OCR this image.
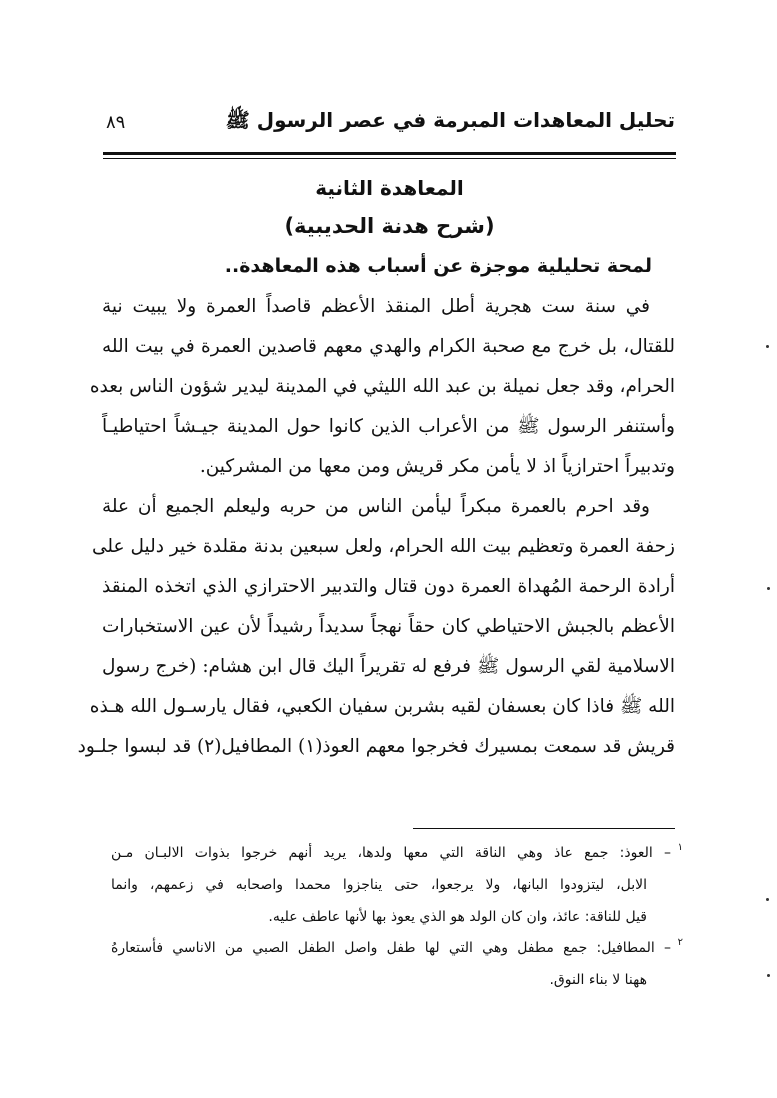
تحليل المعاهدات المبرمة في عصر الرسول ﷺ
٨٩
المعاهدة الثانية
(شرح هدنة الحديبية)
لمحة تحليلية موجزة عن أسباب هذه المعاهدة..
في سنة ست هجرية أطل المنقذ الأعظم قاصداً العمرة ولا يبيت نية
للقتال، بل خرج مع صحبة الكرام والهدي معهم قاصدين العمرة في بيت الله
الحرام، وقد جعل نميلة بن عبد الله الليثي في المدينة ليدير شؤون الناس بعده
وأستنفر الرسول ﷺ من الأعراب الذين كانوا حول المدينة جيـشاً احتياطيـاً
وتدبيراً احترازياً اذ لا يأمن مكر قريش ومن معها من المشركين.
وقد احرم بالعمرة مبكراً ليأمن الناس من حربه وليعلم الجميع أن علة
زحفة العمرة وتعظيم بيت الله الحرام، ولعل سبعين بدنة مقلدة خير دليل على
أرادة الرحمة المُهداة العمرة دون قتال والتدبير الاحترازي الذي اتخذه المنقذ
الأعظم بالجبش الاحتياطي كان حقاً نهجاً سديداً رشيداً لأن عين الاستخبارات
الاسلامية لقي الرسول ﷺ فرفع له تقريراً اليك قال ابن هشام: (خرج رسول
الله ﷺ فاذا كان بعسفان لقيه بشربن سفيان الكعبي، فقال يارسـول الله هـذه
قريش قد سمعت بمسيرك فخرجوا معهم العوذ(١) المطافيل(٢) قد لبسوا جلـود
١
– العوذ: جمع عاذ وهي الناقة التي معها ولدها، يريد أنهم خرجوا بذوات الالبـان مـن
الابل، ليتزودوا البانها، ولا يرجعوا، حتى يناجزوا محمدا واصحابه في زعمهم، وانما
قيل للناقة: عائذ، وان كان الولد هو الذي يعوذ بها لأنها عاطف عليه.
٢
– المطافيل: جمع مطفل وهي التي لها طفل واصل الطفل الصبي من الاناسي فأستعارهُ
ههنا لا بناء النوق.
